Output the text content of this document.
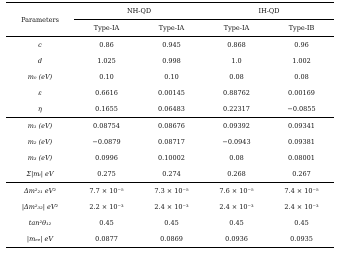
Parameters	NH-QD		IH-QD	
	Type-IA	Type-IA	Type-IA	Type-IB
c	0.86	0.945	0.868	0.96
d	1.025	0.998	1.0	1.002
m₀ (eV)	0.10	0.10	0.08	0.08
ε	0.6616	0.00145	0.88762	0.00169
η	0.1655	0.06483	0.22317	−0.0855
m₁ (eV)	0.08754	0.08676	0.09392	0.09341
m₂ (eV)	−0.0879	0.08717	−0.0943	0.09381
m₃ (eV)	0.0996	0.10002	0.08	0.08001
Σ|mᵢ| eV	0.275	0.274	0.268	0.267
Δm²₂₁ eV²	7.7 × 10⁻⁵	7.3 × 10⁻⁵	7.6 × 10⁻⁵	7.4 × 10⁻⁵
|Δm²₃₂| eV²	2.2 × 10⁻³	2.4 × 10⁻³	2.4 × 10⁻³	2.4 × 10⁻³
tan²θ₁₂	0.45	0.45	0.45	0.45
|mₑₑ| eV	0.0877	0.0869	0.0936	0.0935
